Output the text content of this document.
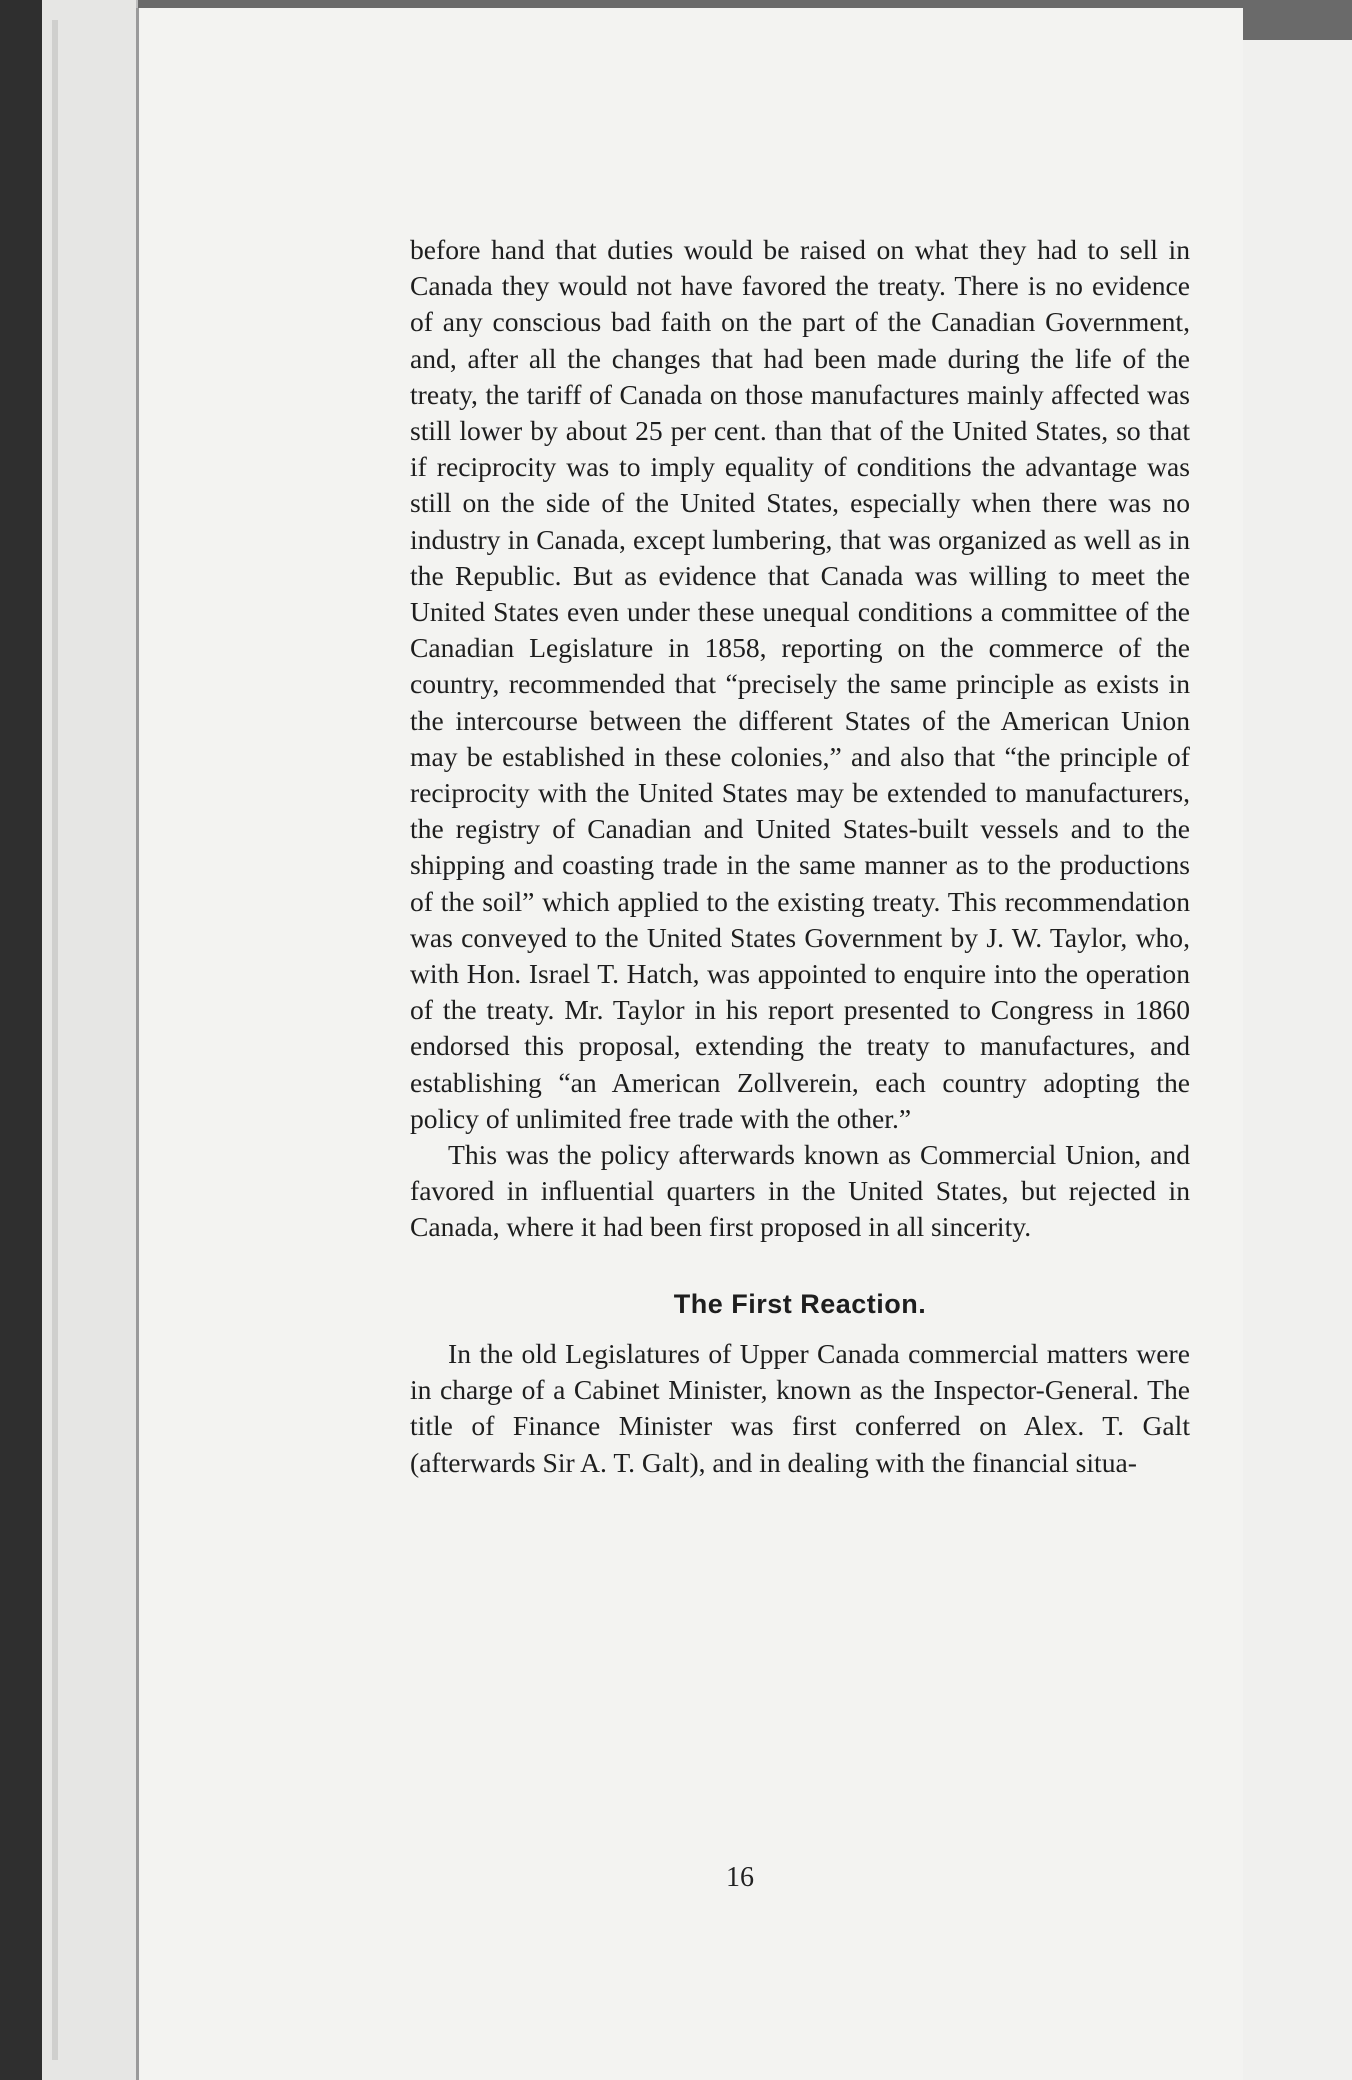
before hand that duties would be raised on what they had to sell in Canada they would not have favored the treaty. There is no evidence of any conscious bad faith on the part of the Canadian Government, and, after all the changes that had been made during the life of the treaty, the tariff of Canada on those manufactures mainly affected was still lower by about 25 per cent. than that of the United States, so that if reciprocity was to imply equality of conditions the advantage was still on the side of the United States, especially when there was no industry in Canada, except lumbering, that was organized as well as in the Republic. But as evidence that Canada was willing to meet the United States even under these unequal conditions a committee of the Canadian Legislature in 1858, reporting on the commerce of the country, recommended that “precisely the same principle as exists in the intercourse between the different States of the American Union may be established in these colonies,” and also that “the principle of reciprocity with the United States may be extended to manufacturers, the registry of Canadian and United States-built vessels and to the shipping and coasting trade in the same manner as to the productions of the soil” which applied to the existing treaty. This recommendation was conveyed to the United States Government by J. W. Taylor, who, with Hon. Israel T. Hatch, was appointed to enquire into the operation of the treaty. Mr. Taylor in his report presented to Congress in 1860 endorsed this proposal, extending the treaty to manufactures, and establishing “an American Zollverein, each country adopting the policy of unlimited free trade with the other.”

This was the policy afterwards known as Commercial Union, and favored in influential quarters in the United States, but rejected in Canada, where it had been first proposed in all sincerity.

The First Reaction.

In the old Legislatures of Upper Canada commercial matters were in charge of a Cabinet Minister, known as the Inspector-General. The title of Finance Minister was first conferred on Alex. T. Galt (afterwards Sir A. T. Galt), and in dealing with the financial situa-

16
